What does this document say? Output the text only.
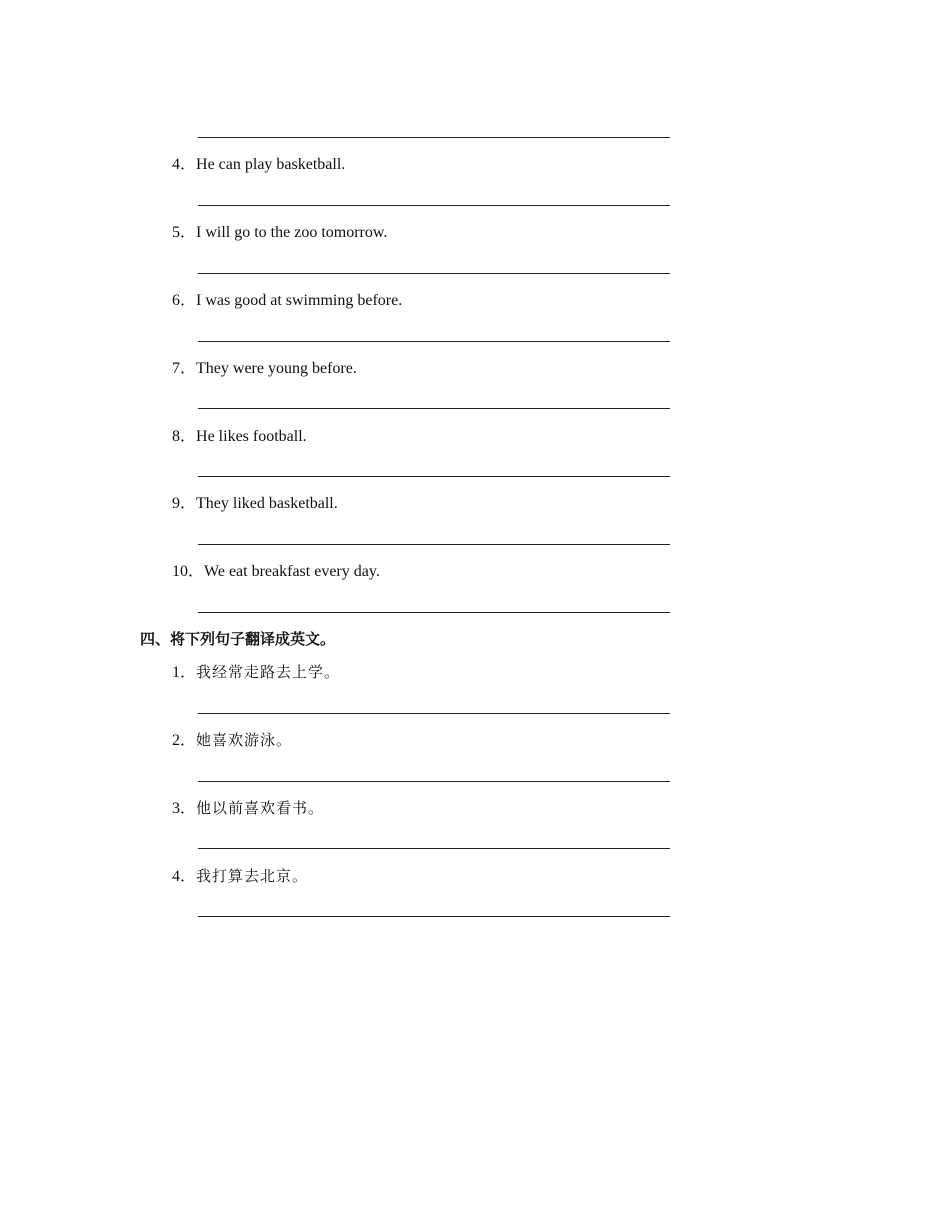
4．He can play basketball.
5．I will go to the zoo tomorrow.
6．I was good at swimming before.
7．They were young before.
8．He likes football.
9．They liked basketball.
10．We eat breakfast every day.
四、将下列句子翻译成英文。
1．我经常走路去上学。
2．她喜欢游泳。
3．他以前喜欢看书。
4．我打算去北京。
